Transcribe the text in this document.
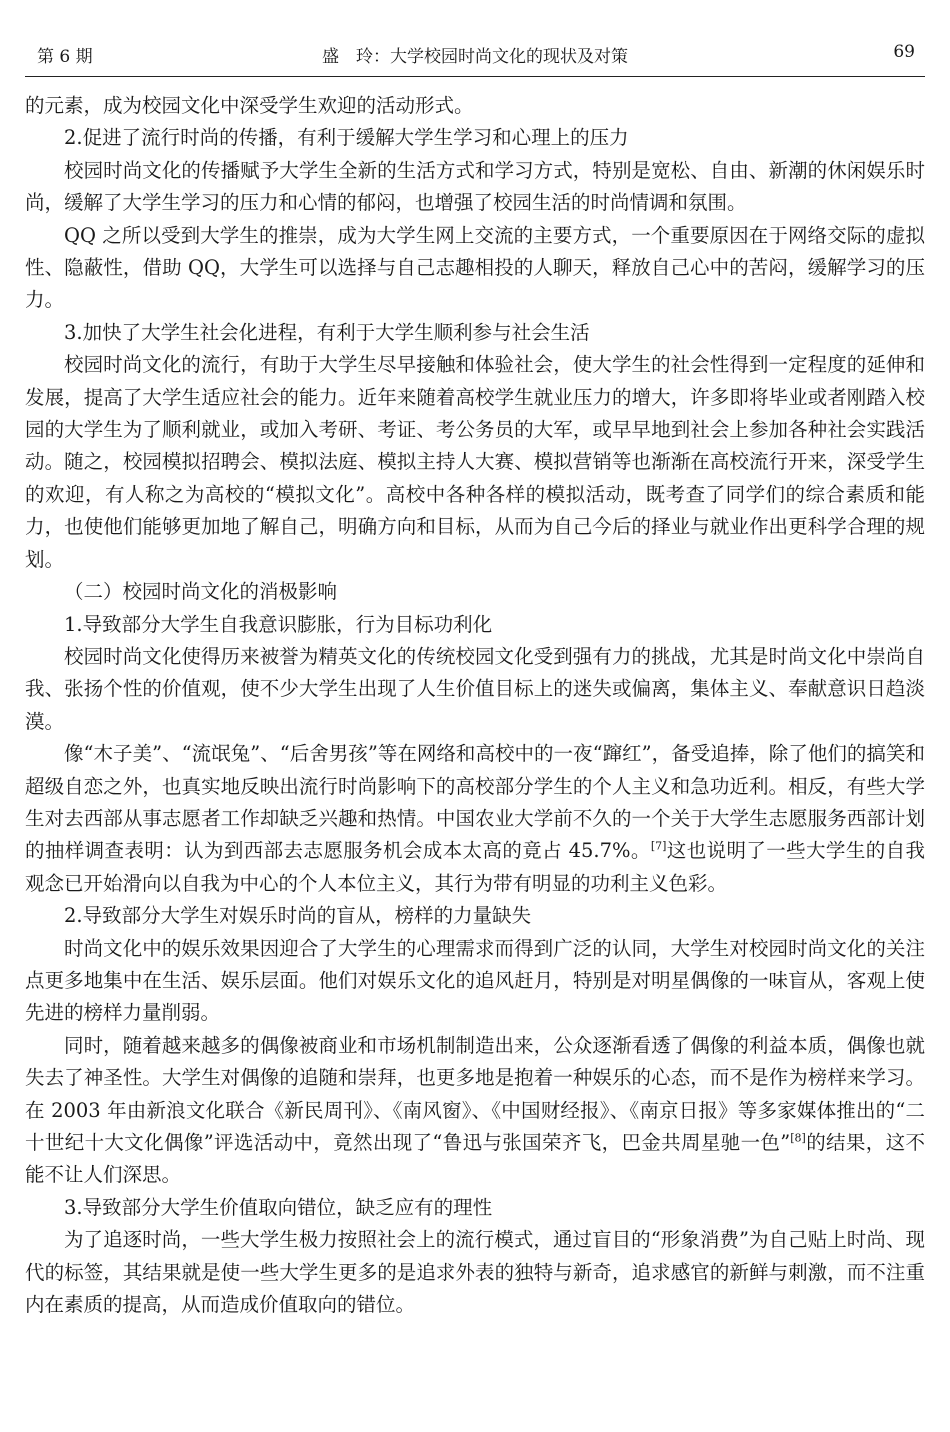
第 6 期	盛　玲：大学校园时尚文化的现状及对策	69

的元素，成为校园文化中深受学生欢迎的活动形式。

2.促进了流行时尚的传播，有利于缓解大学生学习和心理上的压力

校园时尚文化的传播赋予大学生全新的生活方式和学习方式，特别是宽松、自由、新潮的休闲娱乐时尚，缓解了大学生学习的压力和心情的郁闷，也增强了校园生活的时尚情调和氛围。

QQ 之所以受到大学生的推崇，成为大学生网上交流的主要方式，一个重要原因在于网络交际的虚拟性、隐蔽性，借助 QQ，大学生可以选择与自己志趣相投的人聊天，释放自己心中的苦闷，缓解学习的压力。

3.加快了大学生社会化进程，有利于大学生顺利参与社会生活

校园时尚文化的流行，有助于大学生尽早接触和体验社会，使大学生的社会性得到一定程度的延伸和发展，提高了大学生适应社会的能力。近年来随着高校学生就业压力的增大，许多即将毕业或者刚踏入校园的大学生为了顺利就业，或加入考研、考证、考公务员的大军，或早早地到社会上参加各种社会实践活动。随之，校园模拟招聘会、模拟法庭、模拟主持人大赛、模拟营销等也渐渐在高校流行开来，深受学生的欢迎，有人称之为高校的“模拟文化”。高校中各种各样的模拟活动，既考查了同学们的综合素质和能力，也使他们能够更加地了解自己，明确方向和目标，从而为自己今后的择业与就业作出更科学合理的规划。

（二）校园时尚文化的消极影响

1.导致部分大学生自我意识膨胀，行为目标功利化

校园时尚文化使得历来被誉为精英文化的传统校园文化受到强有力的挑战，尤其是时尚文化中崇尚自我、张扬个性的价值观，使不少大学生出现了人生价值目标上的迷失或偏离，集体主义、奉献意识日趋淡漠。

像“木子美”、“流氓兔”、“后舍男孩”等在网络和高校中的一夜“蹿红”，备受追捧，除了他们的搞笑和超级自恋之外，也真实地反映出流行时尚影响下的高校部分学生的个人主义和急功近利。相反，有些大学生对去西部从事志愿者工作却缺乏兴趣和热情。中国农业大学前不久的一个关于大学生志愿服务西部计划的抽样调查表明：认为到西部去志愿服务机会成本太高的竟占 45.7%。[7]这也说明了一些大学生的自我观念已开始滑向以自我为中心的个人本位主义，其行为带有明显的功利主义色彩。

2.导致部分大学生对娱乐时尚的盲从，榜样的力量缺失

时尚文化中的娱乐效果因迎合了大学生的心理需求而得到广泛的认同，大学生对校园时尚文化的关注点更多地集中在生活、娱乐层面。他们对娱乐文化的追风赶月，特别是对明星偶像的一味盲从，客观上使先进的榜样力量削弱。

同时，随着越来越多的偶像被商业和市场机制制造出来，公众逐渐看透了偶像的利益本质，偶像也就失去了神圣性。大学生对偶像的追随和崇拜，也更多地是抱着一种娱乐的心态，而不是作为榜样来学习。在 2003 年由新浪文化联合《新民周刊》、《南风窗》、《中国财经报》、《南京日报》等多家媒体推出的“二十世纪十大文化偶像”评选活动中，竟然出现了“鲁迅与张国荣齐飞，巴金共周星驰一色”[8]的结果，这不能不让人们深思。

3.导致部分大学生价值取向错位，缺乏应有的理性

为了追逐时尚，一些大学生极力按照社会上的流行模式，通过盲目的“形象消费”为自己贴上时尚、现代的标签，其结果就是使一些大学生更多的是追求外表的独特与新奇，追求感官的新鲜与刺激，而不注重内在素质的提高，从而造成价值取向的错位。
